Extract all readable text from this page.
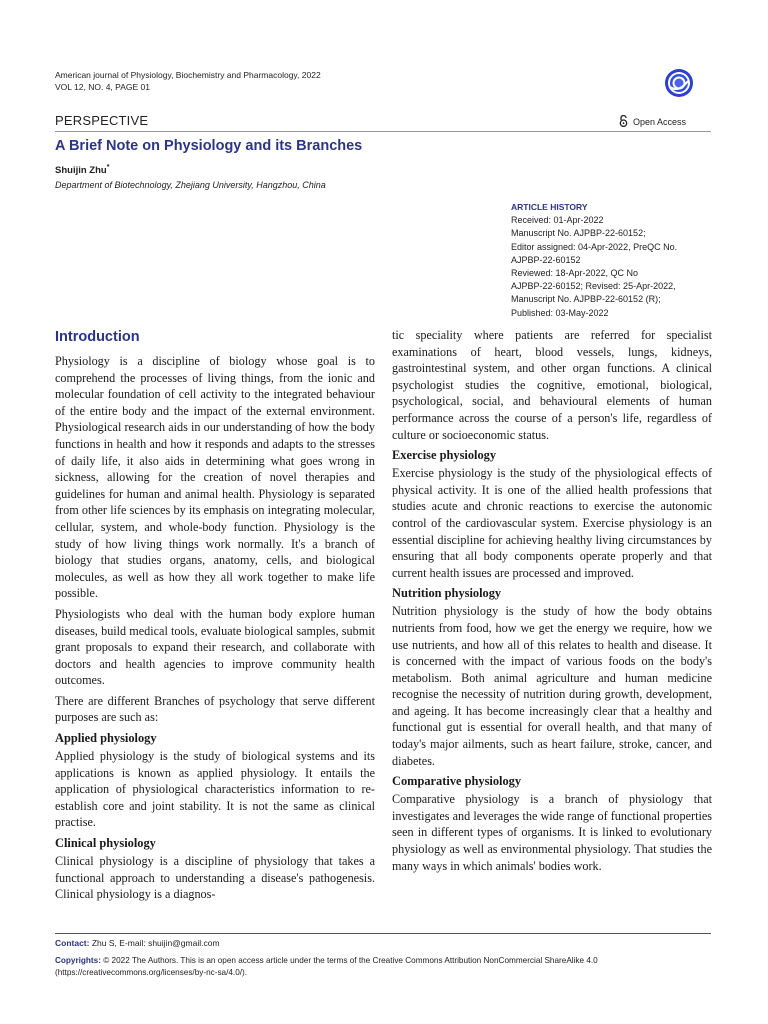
American journal of Physiology, Biochemistry and Pharmacology, 2022
VOL 12, NO. 4, PAGE 01
PERSPECTIVE	Open Access
A Brief Note on Physiology and its Branches
Shuijin Zhu*
Department of Biotechnology, Zhejiang University, Hangzhou, China
ARTICLE HISTORY
Received: 01-Apr-2022
Manuscript No. AJPBP-22-60152;
Editor assigned: 04-Apr-2022, PreQC No.
AJPBP-22-60152
Reviewed: 18-Apr-2022, QC No
AJPBP-22-60152; Revised: 25-Apr-2022,
Manuscript No. AJPBP-22-60152 (R);
Published: 03-May-2022
Introduction

Physiology is a discipline of biology whose goal is to comprehend the processes of living things, from the ionic and molecular foundation of cell activity to the integrated behaviour of the entire body and the impact of the external environment. Physiological research aids in our understanding of how the body functions in health and how it responds and adapts to the stresses of daily life, it also aids in determining what goes wrong in sickness, allowing for the creation of novel therapies and guidelines for human and animal health. Physiology is separated from other life sciences by its emphasis on integrating molecular, cellular, system, and whole-body function. Physiology is the study of how living things work normally. It's a branch of biology that studies organs, anatomy, cells, and biological molecules, as well as how they all work together to make life possible.

Physiologists who deal with the human body explore human diseases, build medical tools, evaluate biological samples, submit grant proposals to expand their research, and collaborate with doctors and health agencies to improve community health outcomes.

There are different Branches of psychology that serve different purposes are such as:

Applied physiology

Applied physiology is the study of biological systems and its applications is known as applied physiology. It entails the application of physiological characteristics information to re-establish core and joint stability. It is not the same as clinical practise.

Clinical physiology

Clinical physiology is a discipline of physiology that takes a functional approach to understanding a disease's pathogenesis. Clinical physiology is a diagnos-

tic speciality where patients are referred for specialist examinations of heart, blood vessels, lungs, kidneys, gastrointestinal system, and other organ functions. A clinical psychologist studies the cognitive, emotional, biological, psychological, social, and behavioural elements of human performance across the course of a person's life, regardless of culture or socioeconomic status.

Exercise physiology

Exercise physiology is the study of the physiological effects of physical activity. It is one of the allied health professions that studies acute and chronic reactions to exercise the autonomic control of the cardiovascular system. Exercise physiology is an essential discipline for achieving healthy living circumstances by ensuring that all body components operate properly and that current health issues are processed and improved.

Nutrition physiology

Nutrition physiology is the study of how the body obtains nutrients from food, how we get the energy we require, how we use nutrients, and how all of this relates to health and disease. It is concerned with the impact of various foods on the body's metabolism. Both animal agriculture and human medicine recognise the necessity of nutrition during growth, development, and ageing. It has become increasingly clear that a healthy and functional gut is essential for overall health, and that many of today's major ailments, such as heart failure, stroke, cancer, and diabetes.

Comparative physiology

Comparative physiology is a branch of physiology that investigates and leverages the wide range of functional properties seen in different types of organisms. It is linked to evolutionary physiology as well as environmental physiology. That studies the many ways in which animals' bodies work.

Contact: Zhu S, E-mail: shuijin@gmail.com
Copyrights: © 2022 The Authors. This is an open access article under the terms of the Creative Commons Attribution NonCommercial ShareAlike 4.0 (https://creativecommons.org/licenses/by-nc-sa/4.0/).
